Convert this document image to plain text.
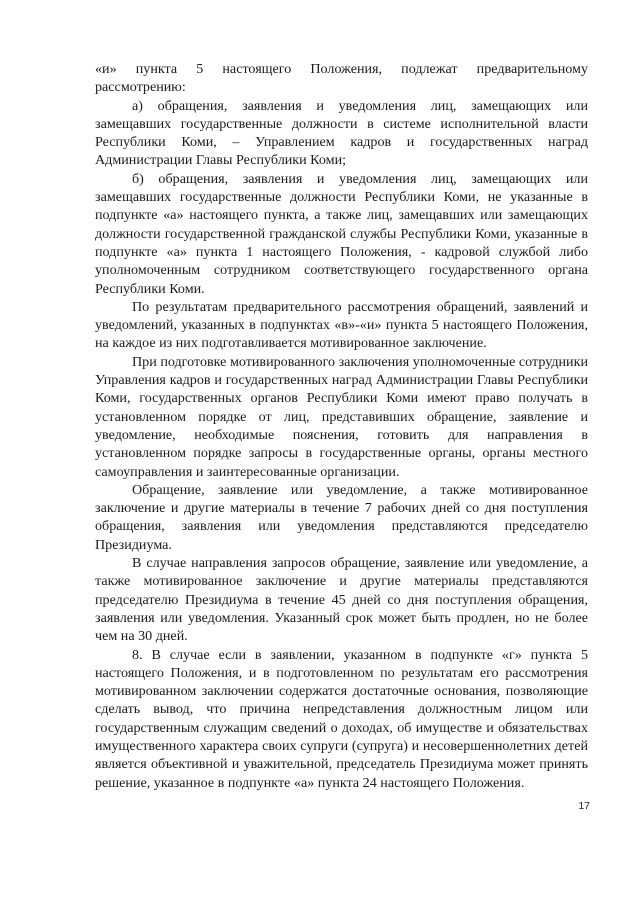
«и» пункта 5 настоящего Положения, подлежат предварительному рассмотрению:

а) обращения, заявления и уведомления лиц, замещающих или замещавших государственные должности в системе исполнительной власти Республики Коми, – Управлением кадров и государственных наград Администрации Главы Республики Коми;

б) обращения, заявления и уведомления лиц, замещающих или замещавших государственные должности Республики Коми, не указанные в подпункте «а» настоящего пункта, а также лиц, замещавших или замещающих должности государственной гражданской службы Республики Коми, указанные в подпункте «а» пункта 1 настоящего Положения, - кадровой службой либо уполномоченным сотрудником соответствующего государственного органа Республики Коми.

По результатам предварительного рассмотрения обращений, заявлений и уведомлений, указанных в подпунктах «в»-«и» пункта 5 настоящего Положения, на каждое из них подготавливается мотивированное заключение.

При подготовке мотивированного заключения уполномоченные сотрудники Управления кадров и государственных наград Администрации Главы Республики Коми, государственных органов Республики Коми имеют право получать в установленном порядке от лиц, представивших обращение, заявление и уведомление, необходимые пояснения, готовить для направления в установленном порядке запросы в государственные органы, органы местного самоуправления и заинтересованные организации.

Обращение, заявление или уведомление, а также мотивированное заключение и другие материалы в течение 7 рабочих дней со дня поступления обращения, заявления или уведомления представляются председателю Президиума.

В случае направления запросов обращение, заявление или уведомление, а также мотивированное заключение и другие материалы представляются председателю Президиума в течение 45 дней со дня поступления обращения, заявления или уведомления. Указанный срок может быть продлен, но не более чем на 30 дней.

8. В случае если в заявлении, указанном в подпункте «г» пункта 5 настоящего Положения, и в подготовленном по результатам его рассмотрения мотивированном заключении содержатся достаточные основания, позволяющие сделать вывод, что причина непредставления должностным лицом или государственным служащим сведений о доходах, об имуществе и обязательствах имущественного характера своих супруги (супруга) и несовершеннолетних детей является объективной и уважительной, председатель Президиума может принять решение, указанное в подпункте «а» пункта 24 настоящего Положения.

17
